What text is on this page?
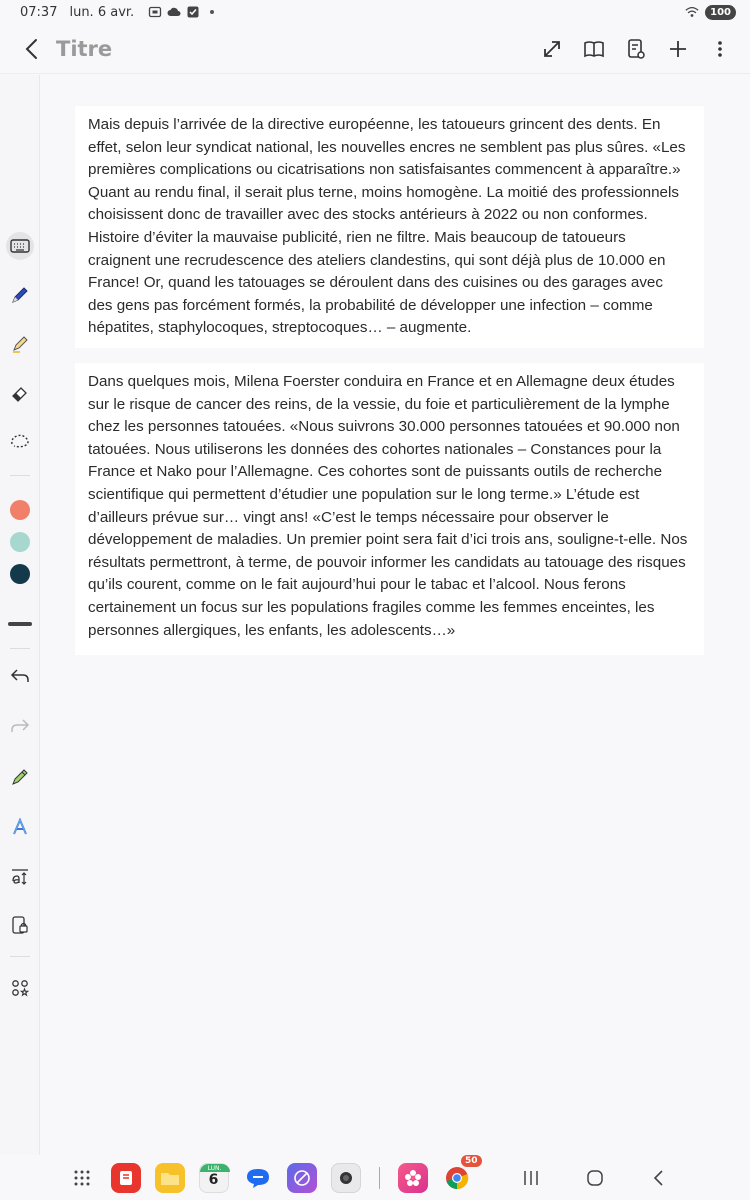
07:37 lun. 6 avr.	100
Titre

Mais depuis l’arrivée de la directive européenne, les tatoueurs grincent des dents. En effet, selon leur syndicat national, les nouvelles encres ne semblent pas plus sûres. «Les premières complications ou cicatrisations non satisfaisantes commencent à apparaître.» Quant au rendu final, il serait plus terne, moins homogène. La moitié des professionnels choisissent donc de travailler avec des stocks antérieurs à 2022 ou non conformes. Histoire d’éviter la mauvaise publicité, rien ne filtre. Mais beaucoup de tatoueurs craignent une recrudescence des ateliers clandestins, qui sont déjà plus de 10.000 en France! Or, quand les tatouages se déroulent dans des cuisines ou des garages avec des gens pas forcément formés, la probabilité de développer une infection – comme hépatites, staphylocoques, streptocoques… – augmente.

Dans quelques mois, Milena Foerster conduira en France et en Allemagne deux études sur le risque de cancer des reins, de la vessie, du foie et particulièrement de la lymphe chez les personnes tatouées. «Nous suivrons 30.000 personnes tatouées et 90.000 non tatouées. Nous utiliserons les données des cohortes nationales – Constances pour la France et Nako pour l’Allemagne. Ces cohortes sont de puissants outils de recherche scientifique qui permettent d’étudier une population sur le long terme.» L’étude est d’ailleurs prévue sur… vingt ans! «C’est le temps nécessaire pour observer le développement de maladies. Un premier point sera fait d’ici trois ans, souligne-t-elle. Nos résultats permettront, à terme, de pouvoir informer les candidats au tatouage des risques qu’ils courent, comme on le fait aujourd’hui pour le tabac et l’alcool. Nous ferons certainement un focus sur les populations fragiles comme les femmes enceintes, les personnes allergiques, les enfants, les adolescents…»

LUN.
6
50
